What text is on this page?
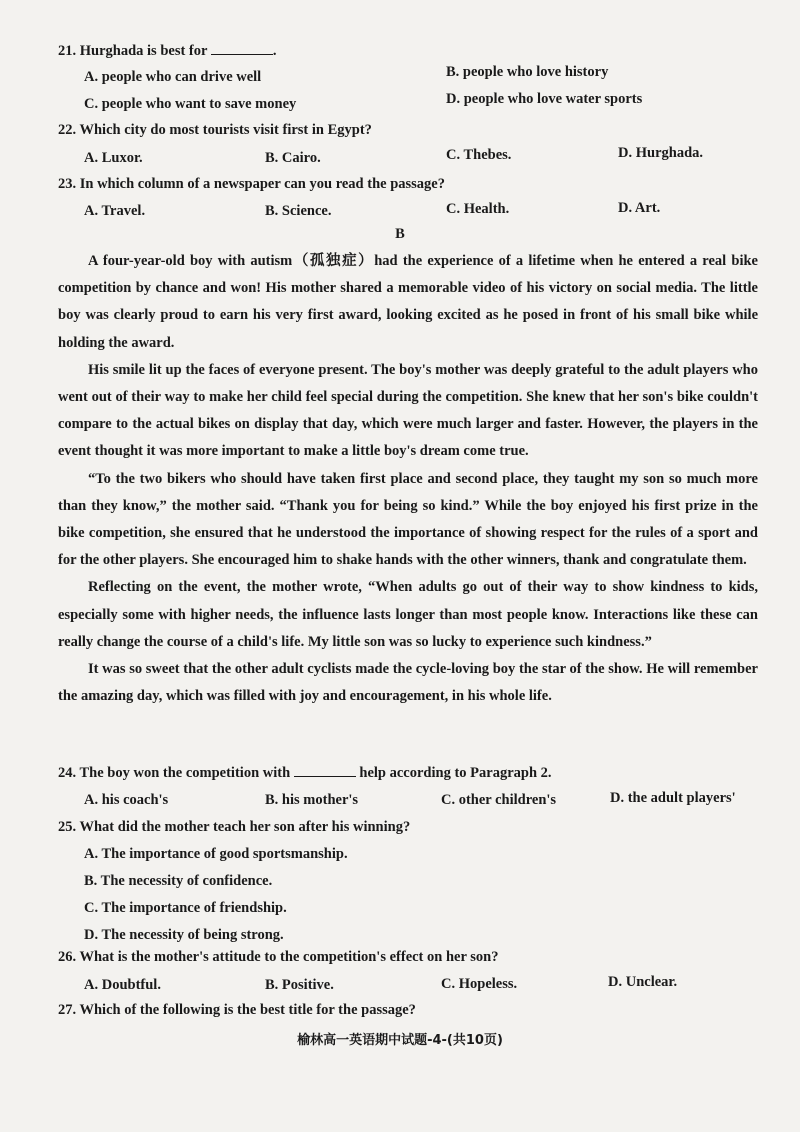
21. Hurghada is best for	.
A. people who can drive well	B. people who love history
C. people who want to save money	D. people who love water sports
22. Which city do most tourists visit first in Egypt?
A. Luxor.	B. Cairo.	C. Thebes.	D. Hurghada.
23. In which column of a newspaper can you read the passage?
A. Travel.	B. Science.	C. Health.	D. Art.
B

A four-year-old boy with autism（孤独症）had the experience of a lifetime when he entered a real bike competition by chance and won! His mother shared a memorable video of his victory on social media. The little boy was clearly proud to earn his very first award, looking excited as he posed in front of his small bike while holding the award.

His smile lit up the faces of everyone present. The boy's mother was deeply grateful to the adult players who went out of their way to make her child feel special during the competition. She knew that her son's bike couldn't compare to the actual bikes on display that day, which were much larger and faster. However, the players in the event thought it was more important to make a little boy's dream come true.

“To the two bikers who should have taken first place and second place, they taught my son so much more than they know,” the mother said. “Thank you for being so kind.” While the boy enjoyed his first prize in the bike competition, she ensured that he understood the importance of showing respect for the rules of a sport and for the other players. She encouraged him to shake hands with the other winners, thank and congratulate them.

Reflecting on the event, the mother wrote, “When adults go out of their way to show kindness to kids, especially some with higher needs, the influence lasts longer than most people know. Interactions like these can really change the course of a child's life. My little son was so lucky to experience such kindness.”

It was so sweet that the other adult cyclists made the cycle-loving boy the star of the show. He will remember the amazing day, which was filled with joy and encouragement, in his whole life.

24. The boy won the competition with	help according to Paragraph 2.
A. his coach's	B. his mother's	C. other children's	D. the adult players'
25. What did the mother teach her son after his winning?
A. The importance of good sportsmanship.
B. The necessity of confidence.
C. The importance of friendship.
D. The necessity of being strong.
26. What is the mother's attitude to the competition's effect on her son?
A. Doubtful.	B. Positive.	C. Hopeless.	D. Unclear.
27. Which of the following is the best title for the passage?
榆林高一英语期中试题-4-(共10页)
